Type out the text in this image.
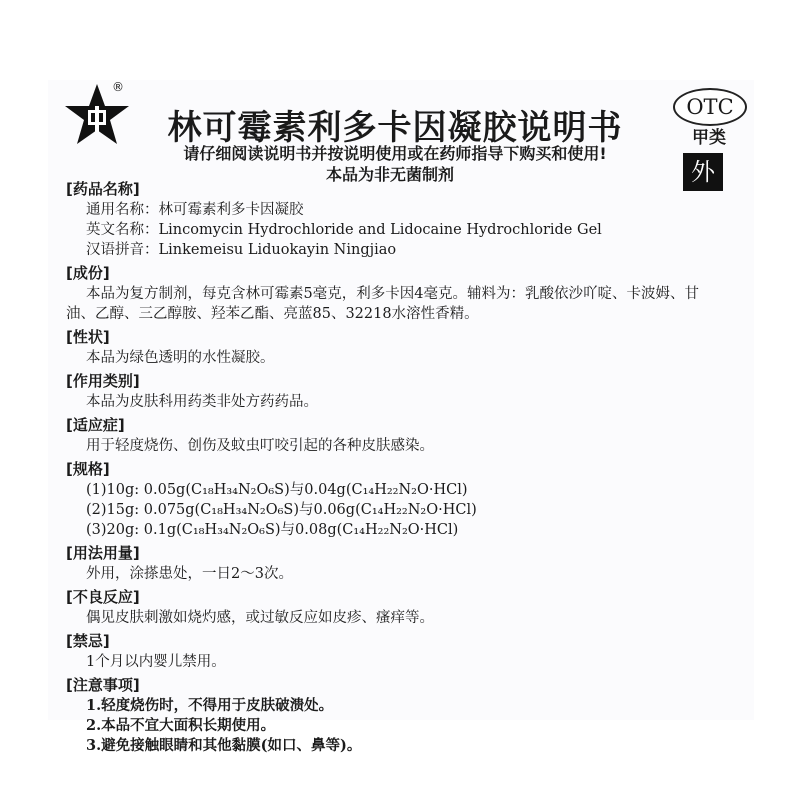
®
林可霉素利多卡因凝胶说明书
请仔细阅读说明书并按说明使用或在药师指导下购买和使用!
本品为非无菌制剂
OTC
甲类
外
[药品名称]
通用名称：林可霉素利多卡因凝胶
英文名称：Lincomycin Hydrochloride and Lidocaine Hydrochloride Gel
汉语拼音：Linkemeisu Liduokayin Ningjiao
[成份]
本品为复方制剂，每克含林可霉素5毫克，利多卡因4毫克。辅料为：乳酸依沙吖啶、卡波姆、甘油、乙醇、三乙醇胺、羟苯乙酯、亮蓝85、32218水溶性香精。
[性状]
本品为绿色透明的水性凝胶。
[作用类别]
本品为皮肤科用药类非处方药药品。
[适应症]
用于轻度烧伤、创伤及蚊虫叮咬引起的各种皮肤感染。
[规格]
(1)10g: 0.05g(C₁₈H₃₄N₂O₆S)与0.04g(C₁₄H₂₂N₂O·HCl)
(2)15g: 0.075g(C₁₈H₃₄N₂O₆S)与0.06g(C₁₄H₂₂N₂O·HCl)
(3)20g: 0.1g(C₁₈H₃₄N₂O₆S)与0.08g(C₁₄H₂₂N₂O·HCl)
[用法用量]
外用，涂搽患处，一日2～3次。
[不良反应]
偶见皮肤刺激如烧灼感，或过敏反应如皮疹、瘙痒等。
[禁忌]
1个月以内婴儿禁用。
[注意事项]
1.轻度烧伤时，不得用于皮肤破溃处。
2.本品不宜大面积长期使用。
3.避免接触眼睛和其他黏膜(如口、鼻等)。
